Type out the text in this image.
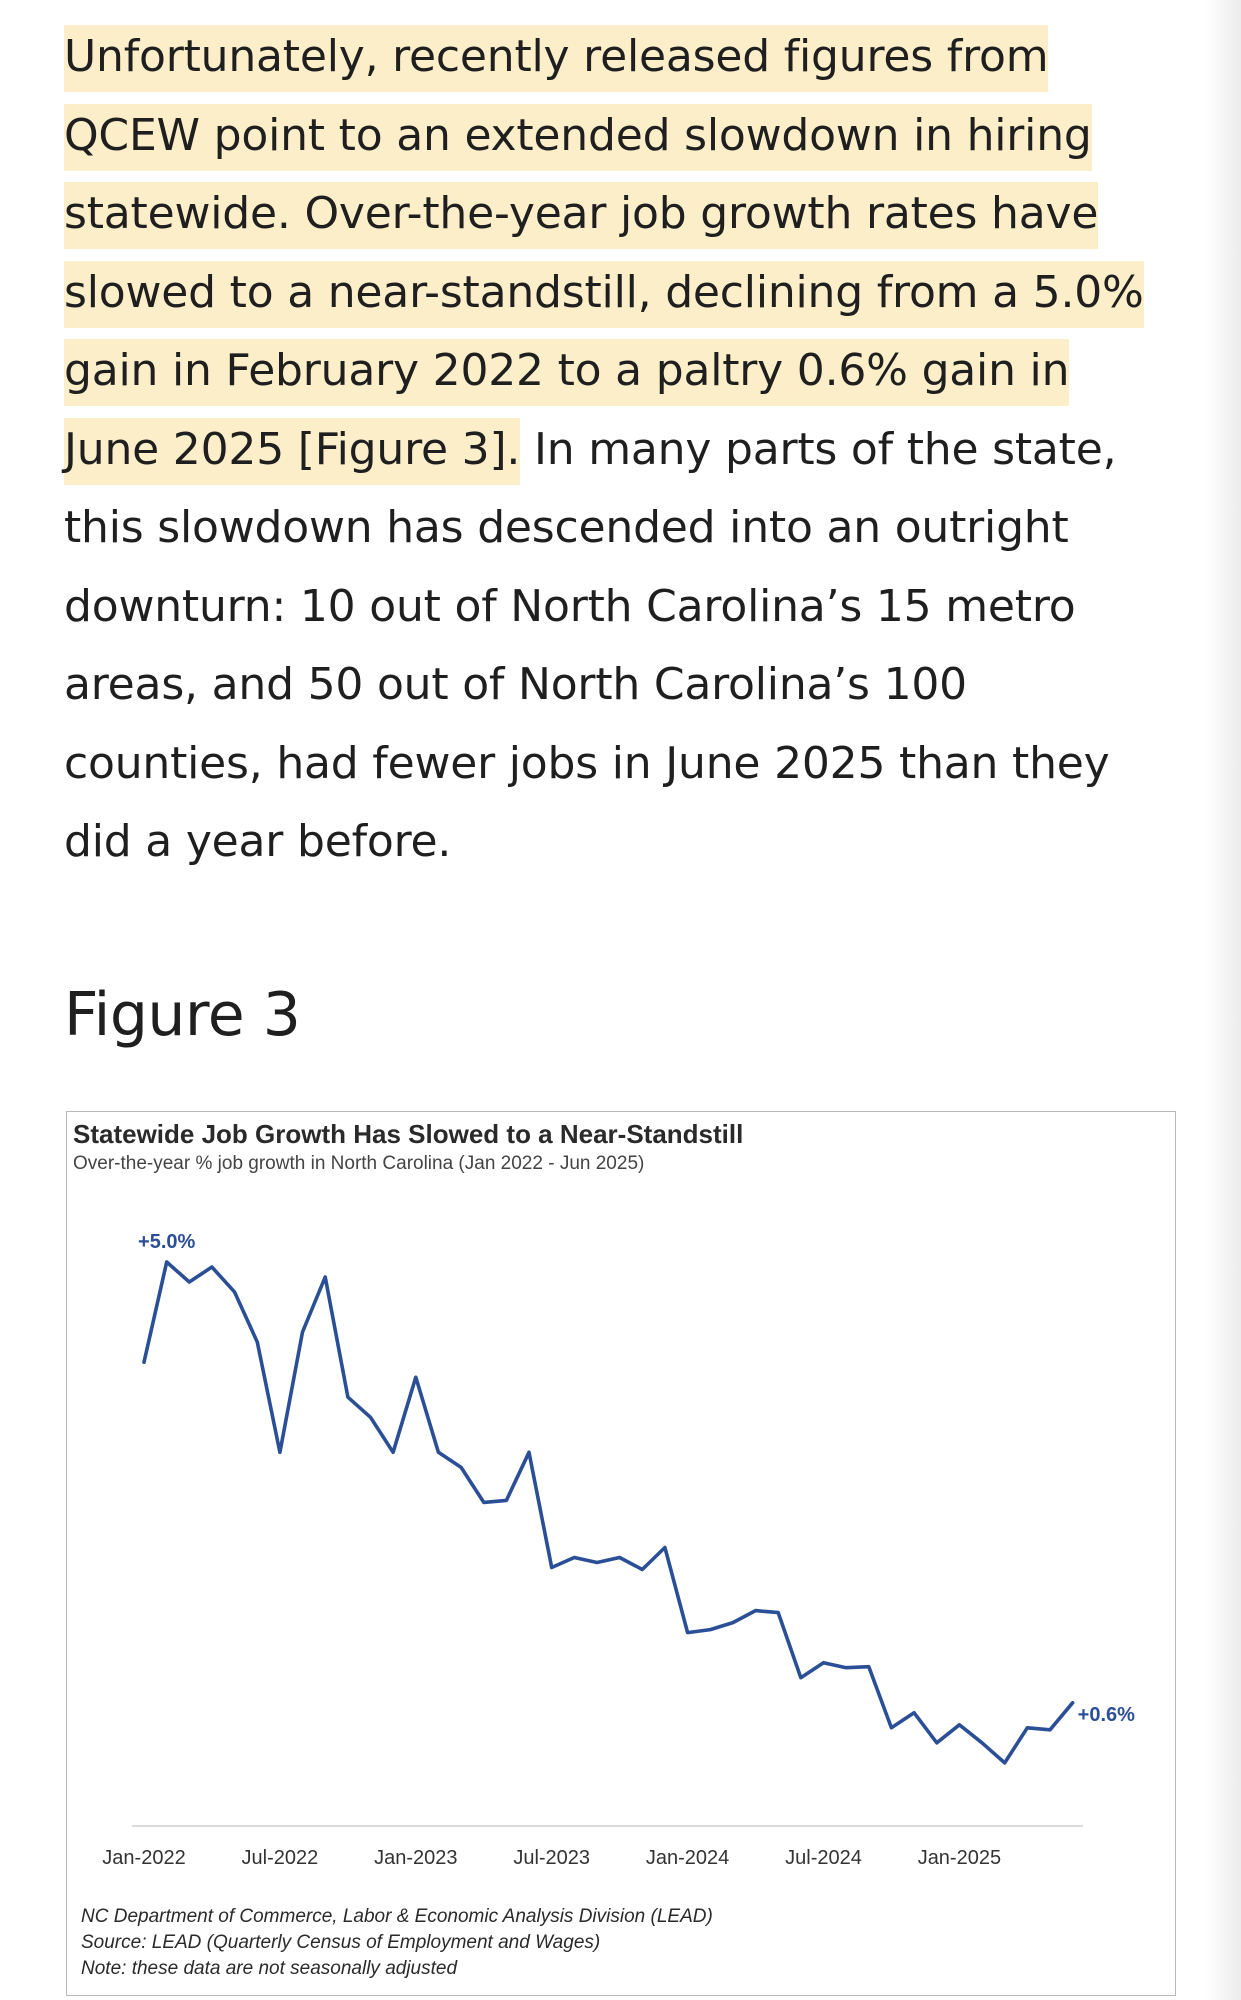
Unfortunately, recently released figures from QCEW point to an extended slowdown in hiring statewide. Over-the-year job growth rates have slowed to a near-standstill, declining from a 5.0% gain in February 2022 to a paltry 0.6% gain in June 2025 [Figure 3]. In many parts of the state, this slowdown has descended into an outright downturn: 10 out of North Carolina’s 15 metro areas, and 50 out of North Carolina’s 100 counties, had fewer jobs in June 2025 than they did a year before.
Figure 3
Statewide Job Growth Has Slowed to a Near-Standstill
Over-the-year % job growth in North Carolina (Jan 2022 - Jun 2025)
Jan-2022	Jul-2022	Jan-2023	Jul-2023	Jan-2024	Jul-2024	Jan-2025
+5.0%
+0.6%
NC Department of Commerce, Labor & Economic Analysis Division (LEAD)
Source: LEAD (Quarterly Census of Employment and Wages)
Note: these data are not seasonally adjusted
